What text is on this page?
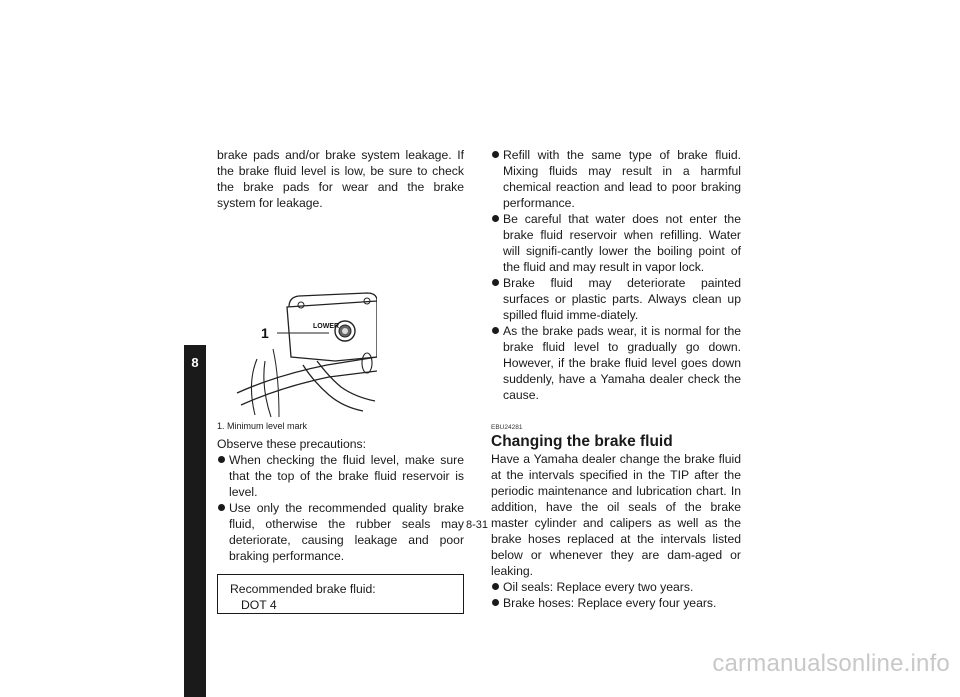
8

brake pads and/or brake system leakage. If the brake fluid level is low, be sure to check the brake pads for wear and the brake system for leakage.

1	LOWER
1. Minimum level mark

Observe these precautions:

When checking the fluid level, make sure that the top of the brake fluid reservoir is level.
Use only the recommended quality brake fluid, otherwise the rubber seals may deteriorate, causing leakage and poor braking performance.
Recommended brake fluid:
DOT 4
Refill with the same type of brake fluid. Mixing fluids may result in a harmful chemical reaction and lead to poor braking performance.
Be careful that water does not enter the brake fluid reservoir when refilling. Water will signifi-cantly lower the boiling point of the fluid and may result in vapor lock.
Brake fluid may deteriorate painted surfaces or plastic parts. Always clean up spilled fluid imme-diately.
As the brake pads wear, it is normal for the brake fluid level to gradually go down. However, if the brake fluid level goes down suddenly, have a Yamaha dealer check the cause.
EBU24281
Changing the brake fluid

Have a Yamaha dealer change the brake fluid at the intervals specified in the TIP after the periodic maintenance and lubrication chart. In addition, have the oil seals of the brake master cylinder and calipers as well as the brake hoses replaced at the intervals listed below or whenever they are dam-aged or leaking.

Oil seals: Replace every two years.
Brake hoses: Replace every four years.
8-31
carmanualsonline.info
